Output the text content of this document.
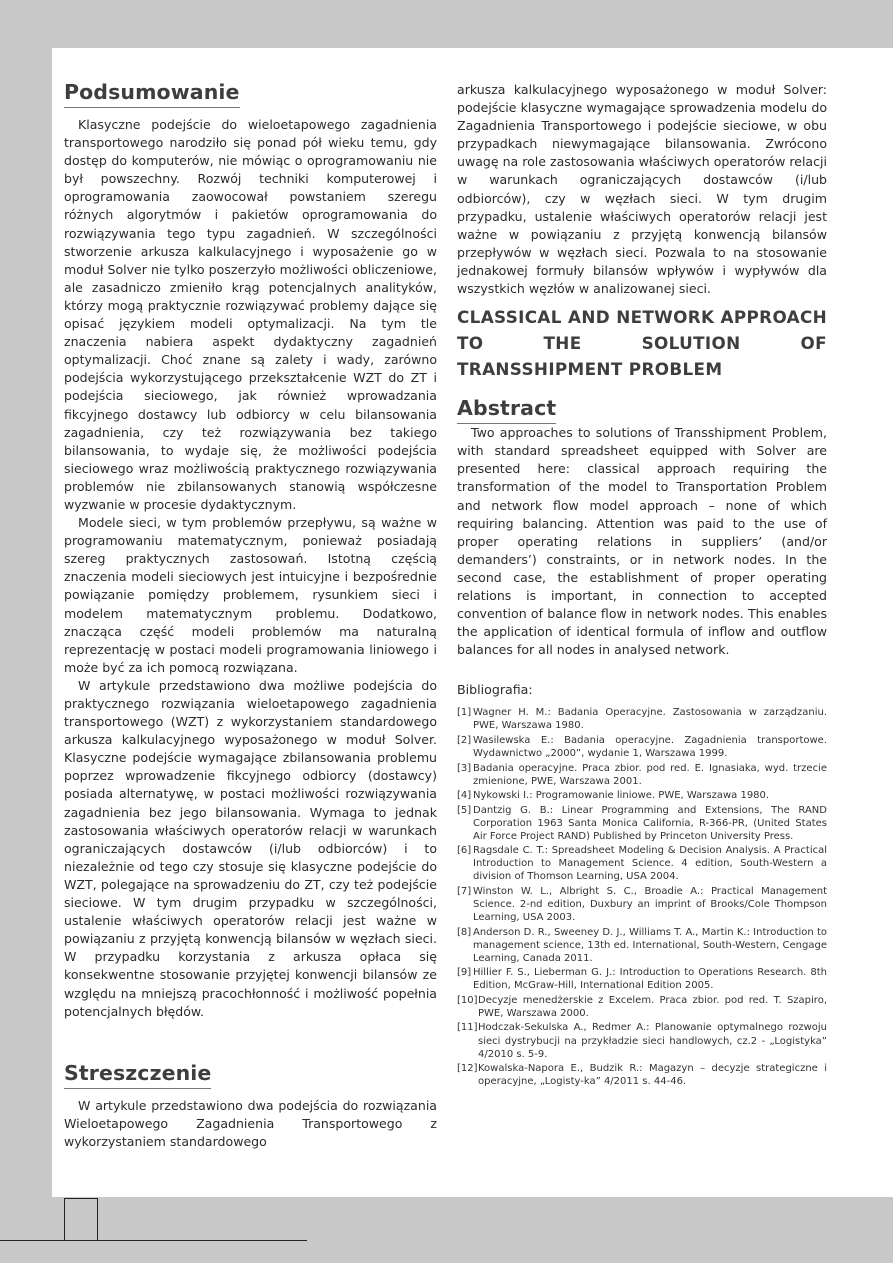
Podsumowanie

Klasyczne podejście do wieloetapowego zagadnienia transportowego narodziło się ponad pół wieku temu, gdy dostęp do komputerów, nie mówiąc o oprogramowaniu nie był powszechny. Rozwój techniki komputerowej i oprogramowania zaowocował powstaniem szeregu różnych algorytmów i pakietów oprogramowania do rozwiązywania tego typu zagadnień. W szczególności stworzenie arkusza kalkulacyjnego i wyposażenie go w moduł Solver nie tylko poszerzyło możliwości obliczeniowe, ale zasadniczo zmieniło krąg potencjalnych analityków, którzy mogą praktycznie rozwiązywać problemy dające się opisać językiem modeli optymalizacji. Na tym tle znaczenia nabiera aspekt dydaktyczny zagadnień optymalizacji. Choć znane są zalety i wady, zarówno podejścia wykorzystującego przekształcenie WZT do ZT i podejścia sieciowego, jak również wprowadzania fikcyjnego dostawcy lub odbiorcy w celu bilansowania zagadnienia, czy też rozwiązywania bez takiego bilansowania, to wydaje się, że możliwości podejścia sieciowego wraz możliwością praktycznego rozwiązywania problemów nie zbilansowanych stanowią współczesne wyzwanie w procesie dydaktycznym.

Modele sieci, w tym problemów przepływu, są ważne w programowaniu matematycznym, ponieważ posiadają szereg praktycznych zastosowań. Istotną częścią znaczenia modeli sieciowych jest intuicyjne i bezpośrednie powiązanie pomiędzy problemem, rysunkiem sieci i modelem matematycznym problemu. Dodatkowo, znacząca część modeli problemów ma naturalną reprezentację w postaci modeli programowania liniowego i może być za ich pomocą rozwiązana.

W artykule przedstawiono dwa możliwe podejścia do praktycznego rozwiązania wieloetapowego zagadnienia transportowego (WZT) z wykorzystaniem standardowego arkusza kalkulacyjnego wyposażonego w moduł Solver. Klasyczne podejście wymagające zbilansowania problemu poprzez wprowadzenie fikcyjnego odbiorcy (dostawcy) posiada alternatywę, w postaci możliwości rozwiązywania zagadnienia bez jego bilansowania. Wymaga to jednak zastosowania właściwych operatorów relacji w warunkach ograniczających dostawców (i/lub odbiorców) i to niezależnie od tego czy stosuje się klasyczne podejście do WZT, polegające na sprowadzeniu do ZT, czy też podejście sieciowe. W tym drugim przypadku w szczególności, ustalenie właściwych operatorów relacji jest ważne w powiązaniu z przyjętą konwencją bilansów w węzłach sieci. W przypadku korzystania z arkusza opłaca się konsekwentne stosowanie przyjętej konwencji bilansów ze względu na mniejszą pracochłonność i możliwość popełnia potencjalnych błędów.

Streszczenie

W artykule przedstawiono dwa podejścia do rozwiązania Wieloetapowego Zagadnienia Transportowego z wykorzystaniem standardowego

arkusza kalkulacyjnego wyposażonego w moduł Solver: podejście klasyczne wymagające sprowadzenia modelu do Zagadnienia Transportowego i podejście sieciowe, w obu przypadkach niewymagające bilansowania. Zwrócono uwagę na role zastosowania właściwych operatorów relacji w warunkach ograniczających dostawców (i/lub odbiorców), czy w węzłach sieci. W tym drugim przypadku, ustalenie właściwych operatorów relacji jest ważne w powiązaniu z przyjętą konwencją bilansów przepływów w węzłach sieci. Pozwala to na stosowanie jednakowej formuły bilansów wpływów i wypływów dla wszystkich węzłów w analizowanej sieci.

CLASSICAL AND NETWORK APPROACH TO THE SOLUTION OF TRANSSHIPMENT PROBLEM
Abstract

Two approaches to solutions of Transshipment Problem, with standard spreadsheet equipped with Solver are presented here: classical approach requiring the transformation of the model to Transportation Problem and network flow model approach – none of which requiring balancing. Attention was paid to the use of proper operating relations in suppliers’ (and/or demanders’) constraints, or in network nodes. In the second case, the establishment of proper operating relations is important, in connection to accepted convention of balance flow in network nodes. This enables the application of identical formula of inflow and outflow balances for all nodes in analysed network.

Bibliografia:
[1] Wagner H. M.: Badania Operacyjne. Zastosowania w zarządzaniu. PWE, Warszawa 1980.
[2] Wasilewska E.: Badania operacyjne. Zagadnienia transportowe. Wydawnictwo „2000”, wydanie 1, Warszawa 1999.
[3] Badania operacyjne. Praca zbior. pod red. E. Ignasiaka, wyd. trzecie zmienione, PWE, Warszawa 2001.
[4] Nykowski I.: Programowanie liniowe. PWE, Warszawa 1980.
[5] Dantzig G. B.: Linear Programming and Extensions, The RAND Corporation 1963 Santa Monica California, R-366-PR, (United States Air Force Project RAND) Published by Princeton University Press.
[6] Ragsdale C. T.: Spreadsheet Modeling & Decision Analysis. A Practical Introduction to Management Science. 4 edition, South-Western a division of Thomson Learning, USA 2004.
[7] Winston W. L., Albright S. C., Broadie A.: Practical Management Science. 2-nd edition, Duxbury an imprint of Brooks/Cole Thompson Learning, USA 2003.
[8] Anderson D. R., Sweeney D. J., Williams T. A., Martin K.: Introduction to management science, 13th ed. International, South-Western, Cengage Learning, Canada 2011.
[9] Hillier F. S., Lieberman G. J.: Introduction to Operations Research. 8th Edition, McGraw-Hill, International Edition 2005.
[10] Decyzje menedżerskie z Excelem. Praca zbior. pod red. T. Szapiro, PWE, Warszawa 2000.
[11] Hodczak-Sekulska A., Redmer A.: Planowanie optymalnego rozwoju sieci dystrybucji na przykładzie sieci handlowych, cz.2 - „Logistyka” 4/2010 s. 5-9.
[12] Kowalska-Napora E., Budzik R.: Magazyn – decyzje strategiczne i operacyjne, „Logisty-ka” 4/2011 s. 44-46.
